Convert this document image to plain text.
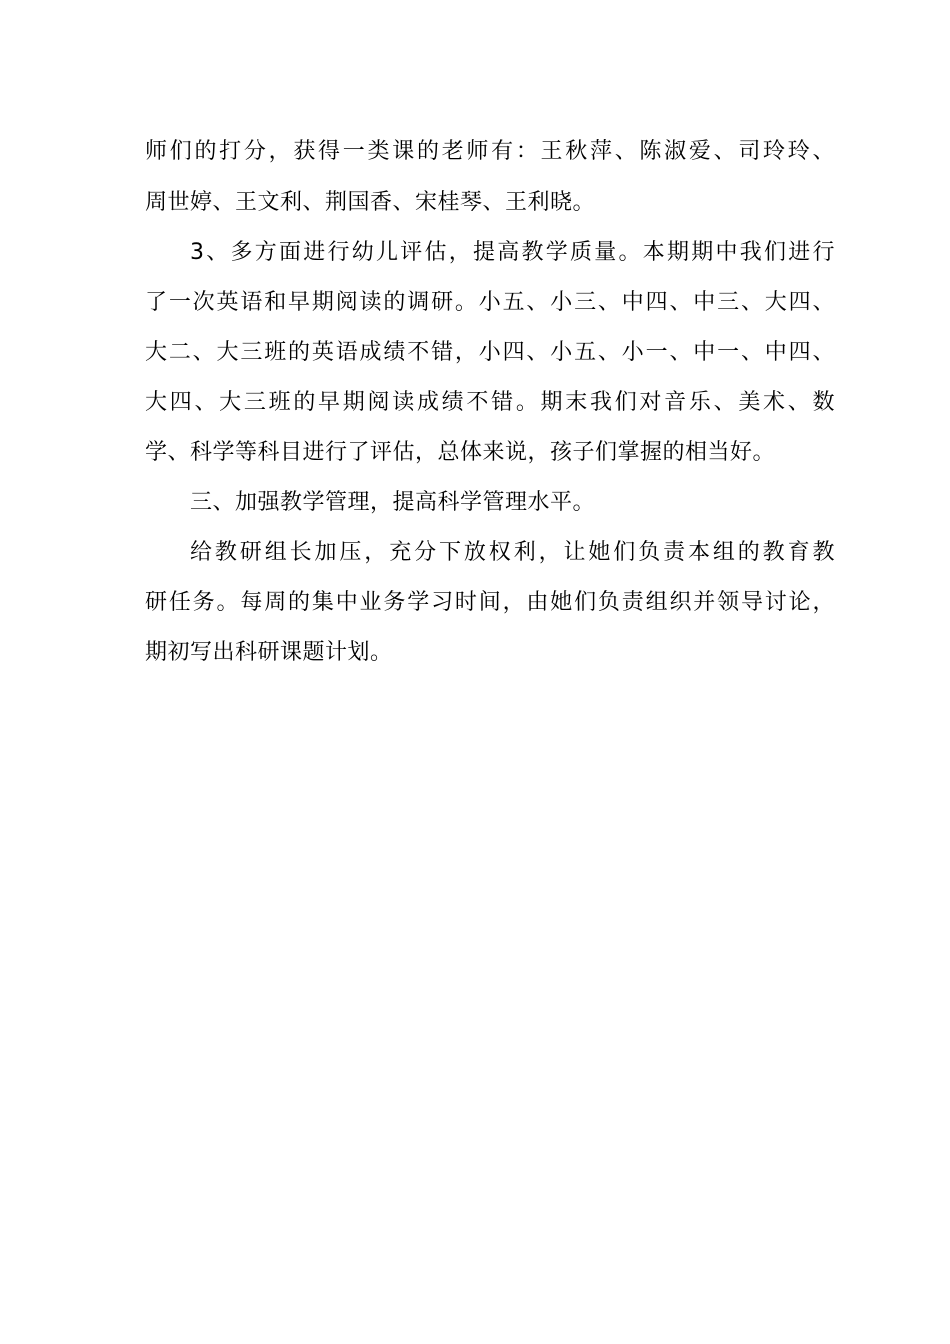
师们的打分，获得一类课的老师有：王秋萍、陈淑爱、司玲玲、
周世婷、王文利、荆国香、宋桂琴、王利晓。
3、多方面进行幼儿评估，提高教学质量。本期期中我们进行
了一次英语和早期阅读的调研。小五、小三、中四、中三、大四、
大二、大三班的英语成绩不错，小四、小五、小一、中一、中四、
大四、大三班的早期阅读成绩不错。期末我们对音乐、美术、数
学、科学等科目进行了评估，总体来说，孩子们掌握的相当好。
三、加强教学管理，提高科学管理水平。
给教研组长加压，充分下放权利，让她们负责本组的教育教
研任务。每周的集中业务学习时间，由她们负责组织并领导讨论，
期初写出科研课题计划。
